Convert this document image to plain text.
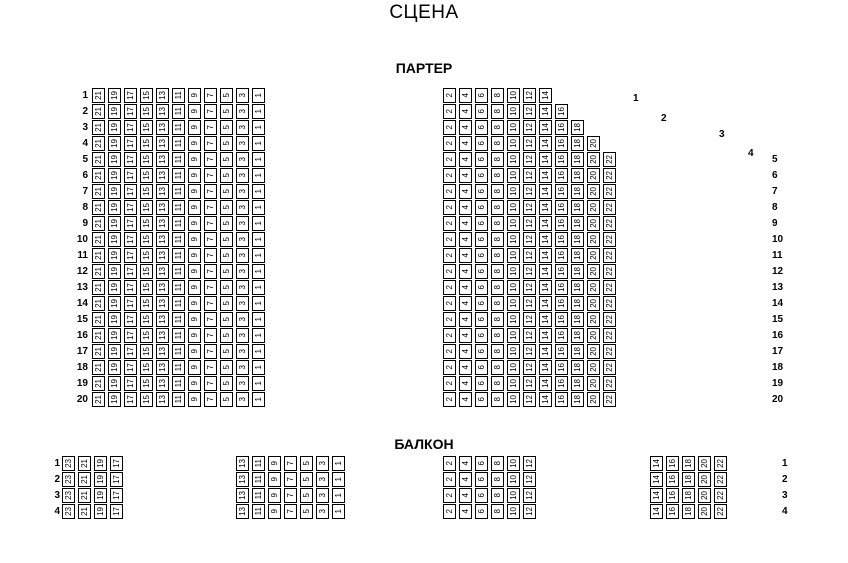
СЦЕНА
ПАРТЕР
БАЛКОН
21
21
21
21
21
21
21
21
21
21
21
21
21
21
21
21
21
21
21
21
19
19
19
19
19
19
19
19
19
19
19
19
19
19
19
19
19
19
19
19
17
17
17
17
17
17
17
17
17
17
17
17
17
17
17
17
17
17
17
17
15
15
15
15
15
15
15
15
15
15
15
15
15
15
15
15
15
15
15
15
13
13
13
13
13
13
13
13
13
13
13
13
13
13
13
13
13
13
13
13
11
11
11
11
11
11
11
11
11
11
11
11
11
11
11
11
11
11
11
11
9
9
9
9
9
9
9
9
9
9
9
9
9
9
9
9
9
9
9
9
7
7
7
7
7
7
7
7
7
7
7
7
7
7
7
7
7
7
7
7
5
5
5
5
5
5
5
5
5
5
5
5
5
5
5
5
5
5
5
5
3
3
3
3
3
3
3
3
3
3
3
3
3
3
3
3
3
3
3
3
1
1
1
1
1
1
1
1
1
1
1
1
1
1
1
1
1
1
1
1
1
2
3
4
5
6
7
8
9
10
11
12
13
14
15
16
17
18
19
20
2
2
2
2
2
2
2
2
2
2
2
2
2
2
2
2
2
2
2
2
4
4
4
4
4
4
4
4
4
4
4
4
4
4
4
4
4
4
4
4
6
6
6
6
6
6
6
6
6
6
6
6
6
6
6
6
6
6
6
6
8
8
8
8
8
8
8
8
8
8
8
8
8
8
8
8
8
8
8
8
10
10
10
10
10
10
10
10
10
10
10
10
10
10
10
10
10
10
10
10
12
12
12
12
12
12
12
12
12
12
12
12
12
12
12
12
12
12
12
12
14
14
14
14
14
14
14
14
14
14
14
14
14
14
14
14
14
14
14
14
16
16
16
16
16
16
16
16
16
16
16
16
16
16
16
16
16
16
16
18
18
18
18
18
18
18
18
18
18
18
18
18
18
18
18
18
18
20
20
20
20
20
20
20
20
20
20
20
20
20
20
20
20
20
22
22
22
22
22
22
22
22
22
22
22
22
22
22
22
22
5
6
7
8
9
10
11
12
13
14
15
16
17
18
19
20
1
2
3
4
23
23
23
23
21
21
21
21
19
19
19
19
17
17
17
17
1
2
3
4
13
13
13
13
11
11
11
11
9
9
9
9
7
7
7
7
5
5
5
5
3
3
3
3
1
1
1
1
2
2
2
2
4
4
4
4
6
6
6
6
8
8
8
8
10
10
10
10
12
12
12
12
14
14
14
14
16
16
16
16
18
18
18
18
20
20
20
20
22
22
22
22
1
2
3
4
